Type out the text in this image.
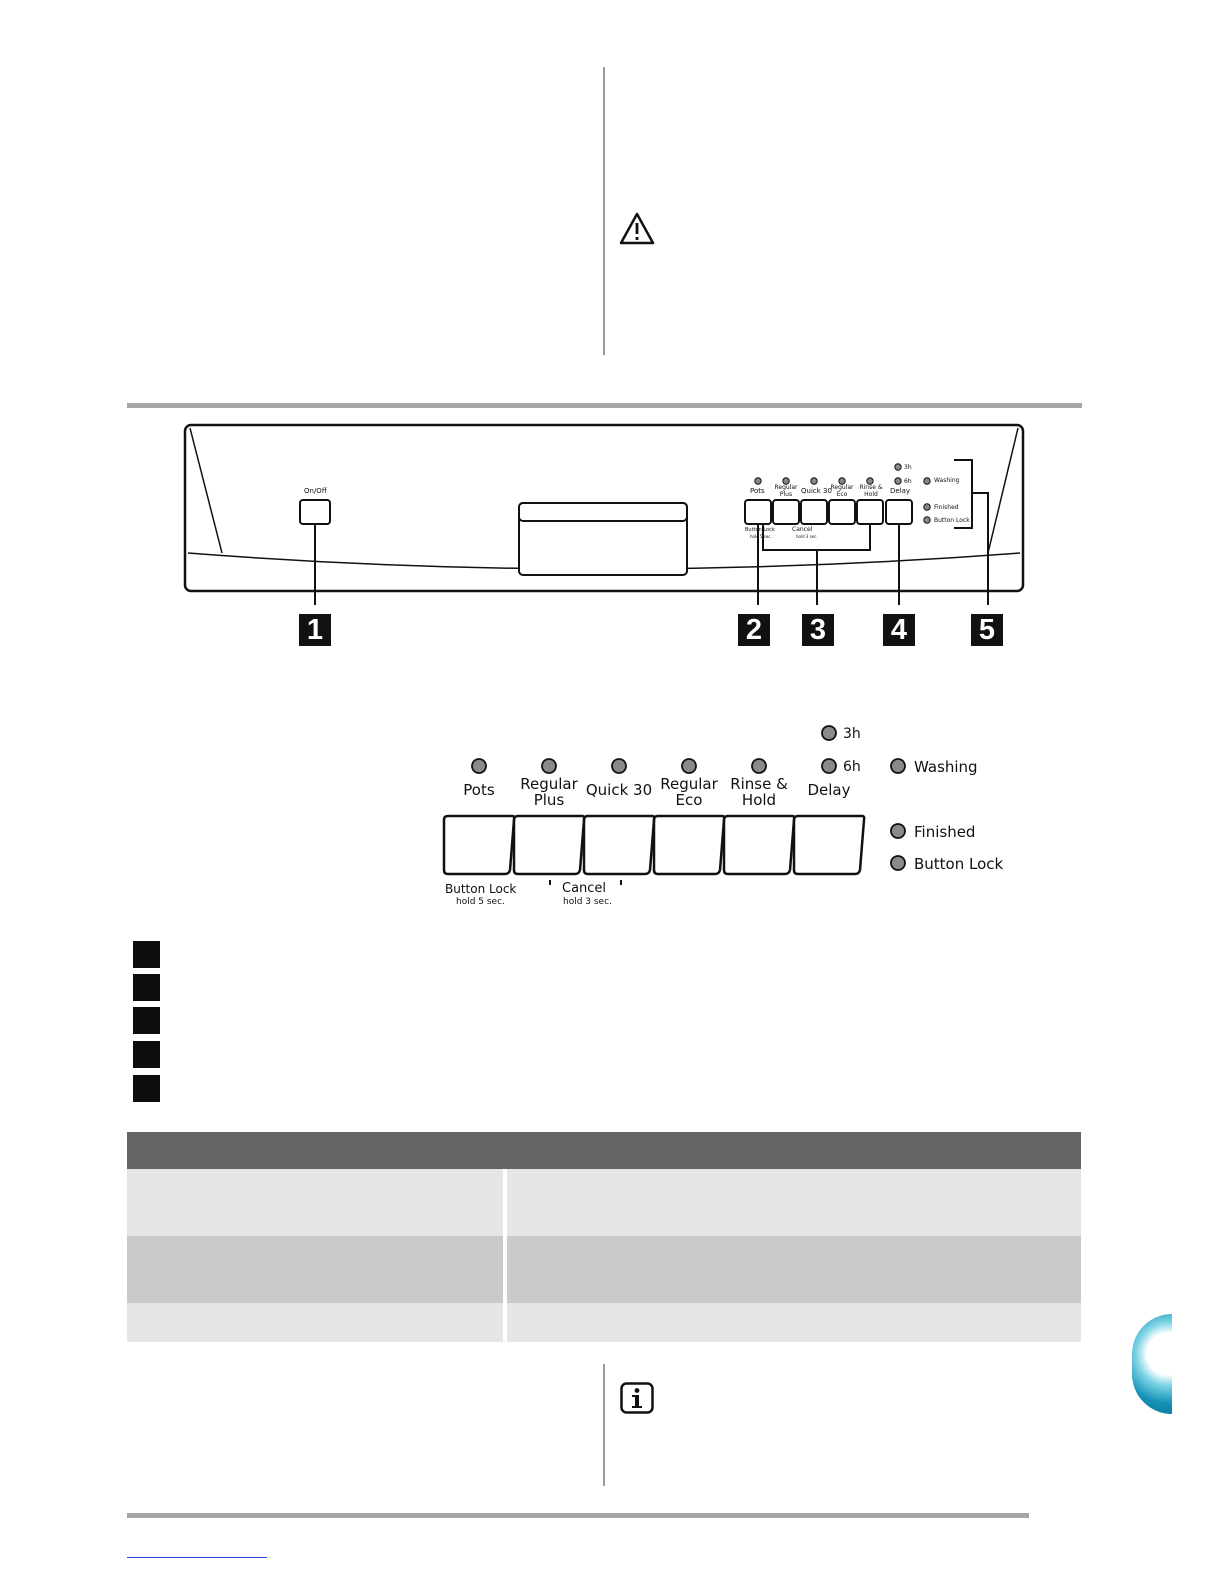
On/Off	Pots	Regular Plus	Quick 30
Regular Eco
Rinse & Hold	Delay
3h
6h	Washing
Finished
Button Lock
Button Lock
hold 5 sec.
Cancel
hold 3 sec.
1	2 3 4 5
Pots	Regular
Plus
Quick 30 Regular
Eco
Rinse &
Hold
Delay
3h
6h	Washing
Finished
Button Lock
Button Lock
hold 5 sec.
Cancel
hold 3 sec.
